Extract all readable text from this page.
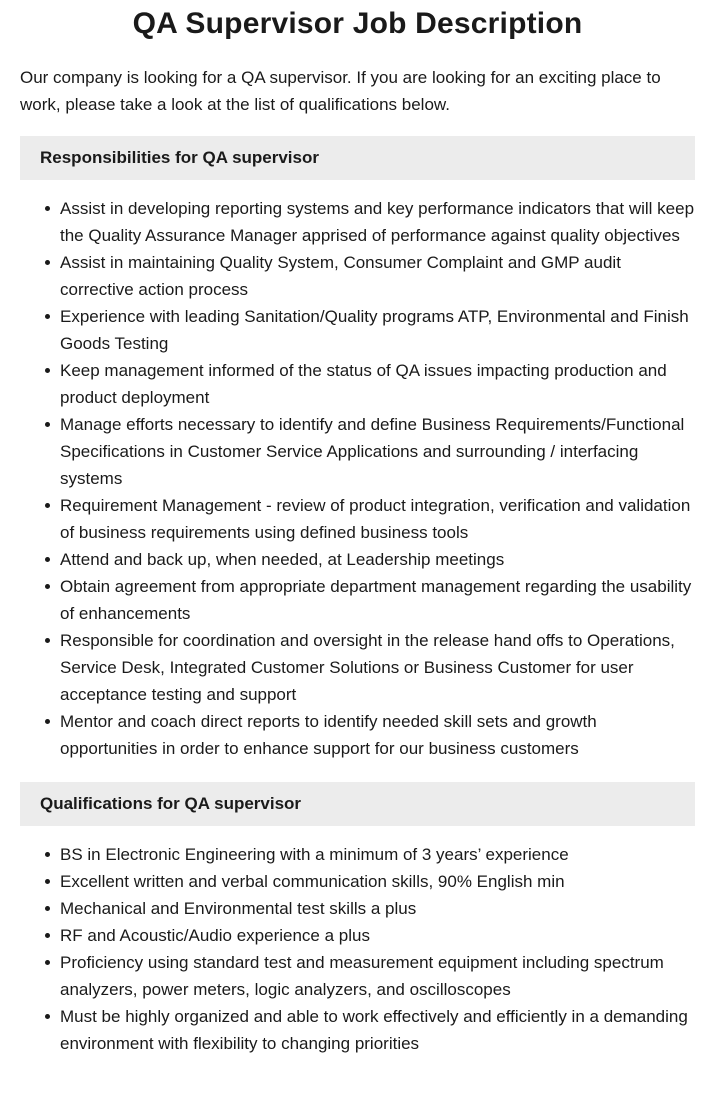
QA Supervisor Job Description

Our company is looking for a QA supervisor. If you are looking for an exciting place to work, please take a look at the list of qualifications below.

Responsibilities for QA supervisor
Assist in developing reporting systems and key performance indicators that will keep the Quality Assurance Manager apprised of performance against quality objectives
Assist in maintaining Quality System, Consumer Complaint and GMP audit corrective action process
Experience with leading Sanitation/Quality programs ATP, Environmental and Finish Goods Testing
Keep management informed of the status of QA issues impacting production and product deployment
Manage efforts necessary to identify and define Business Requirements/Functional Specifications in Customer Service Applications and surrounding / interfacing systems
Requirement Management - review of product integration, verification and validation of business requirements using defined business tools
Attend and back up, when needed, at Leadership meetings
Obtain agreement from appropriate department management regarding the usability of enhancements
Responsible for coordination and oversight in the release hand offs to Operations, Service Desk, Integrated Customer Solutions or Business Customer for user acceptance testing and support
Mentor and coach direct reports to identify needed skill sets and growth opportunities in order to enhance support for our business customers
Qualifications for QA supervisor
BS in Electronic Engineering with a minimum of 3 years’ experience
Excellent written and verbal communication skills, 90% English min
Mechanical and Environmental test skills a plus
RF and Acoustic/Audio experience a plus
Proficiency using standard test and measurement equipment including spectrum analyzers, power meters, logic analyzers, and oscilloscopes
Must be highly organized and able to work effectively and efficiently in a demanding environment with flexibility to changing priorities
